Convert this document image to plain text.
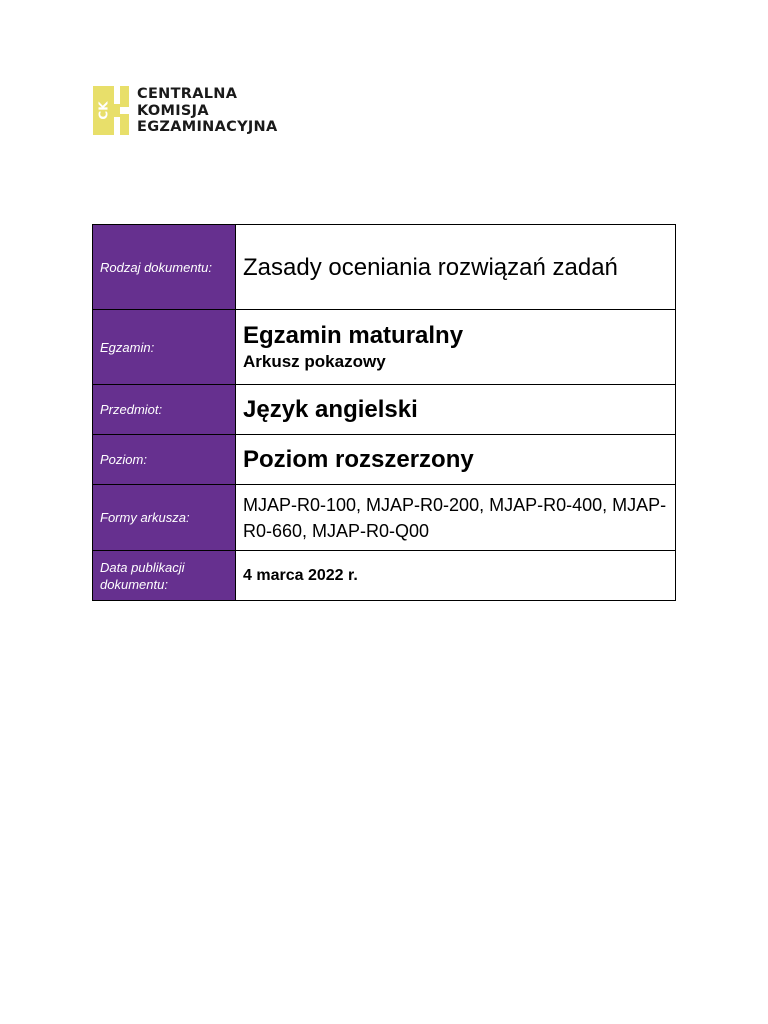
CK
CENTRALNA
KOMISJA
EGZAMINACYJNA
Rodzaj dokumentu:	Zasady oceniania rozwiązań zadań

Egzamin:	Egzamin maturalny
Arkusz pokazowy

Przedmiot:	Język angielski

Poziom:	Poziom rozszerzony

Formy arkusza:	MJAP-R0-100, MJAP-R0-200, MJAP-R0-400, MJAP-R0-660, MJAP-R0-Q00

Data publikacji dokumentu:	4 marca 2022 r.
